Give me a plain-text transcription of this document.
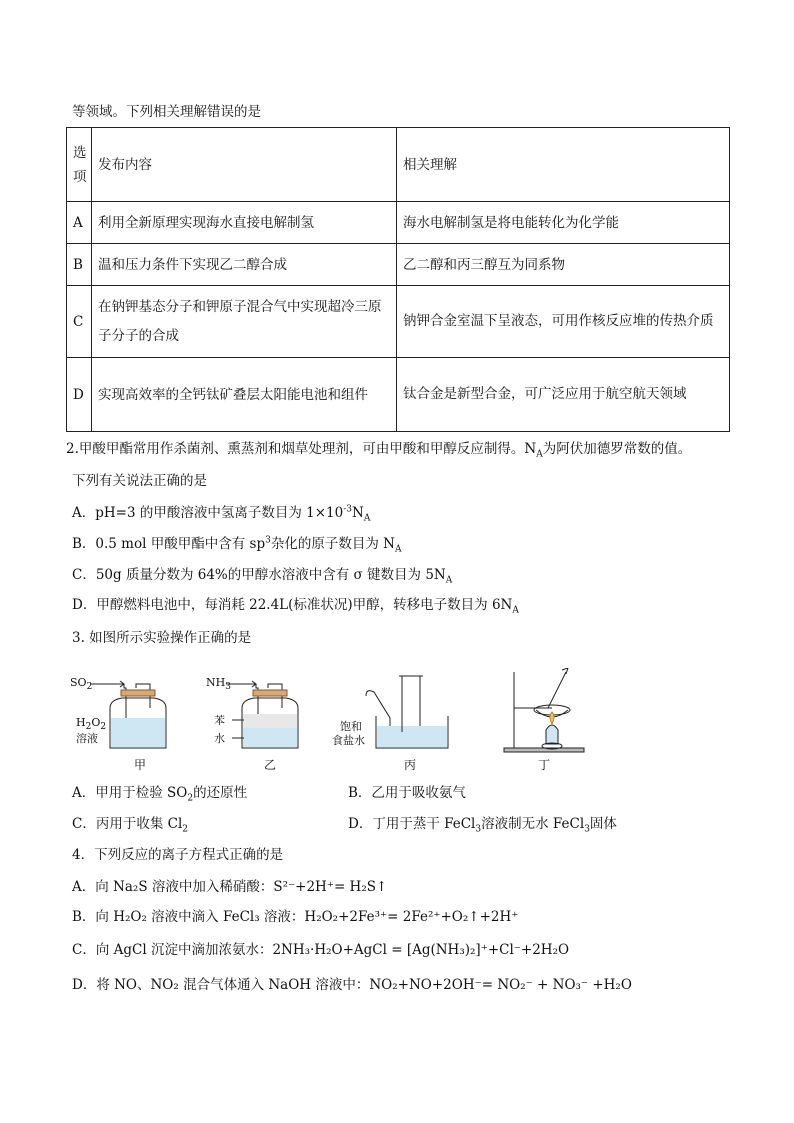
等领域。下列相关理解错误的是
选项	发布内容	相关理解
A	利用全新原理实现海水直接电解制氢	海水电解制氢是将电能转化为化学能
B	温和压力条件下实现乙二醇合成	乙二醇和丙三醇互为同系物
C	在钠钾基态分子和钾原子混合气中实现超冷三原子分子的合成	钠钾合金室温下呈液态，可用作核反应堆的传热介质
D	实现高效率的全钙钛矿叠层太阳能电池和组件	钛合金是新型合金，可广泛应用于航空航天领域
2.甲酸甲酯常用作杀菌剂、熏蒸剂和烟草处理剂，可由甲酸和甲醇反应制得。$N_A$为阿伏加德罗常数的值。
下列有关说法正确的是
A．pH=3 的甲酸溶液中氢离子数目为 $1\times 10^{-3}N_A$
B．0.5 mol 甲酸甲酯中含有 $sp^3$杂化的原子数目为 $N_A$
C．50g 质量分数为 64%的甲醇水溶液中含有 σ 键数目为 $5N_A$
D．甲醇燃料电池中，每消耗 22.4L(标准状况)甲醇，转移电子数目为 $6N_A$
3. 如图所示实验操作正确的是
$SO_2$
$H_2O_2$
溶液
$NH_3$
苯
水
饱和
食盐水
甲	乙	丙	丁
A．甲用于检验 $SO_2$的还原性	B．乙用于吸收氨气
C．丙用于收集 $Cl_2$	D．丁用于蒸干 FeCl$_3$溶液制无水 FeCl$_3$固体
4．下列反应的离子方程式正确的是
A．向 Na₂S 溶液中加入稀硝酸：S²⁻+2H⁺= H₂S↑
B．向 H₂O₂ 溶液中滴入 FeCl₃ 溶液：H₂O₂+2Fe³⁺= 2Fe²⁺+O₂↑+2H⁺
C．向 AgCl 沉淀中滴加浓氨水：2NH₃·H₂O+AgCl = [Ag(NH₃)₂]⁺+Cl⁻+2H₂O
D．将 NO、NO₂ 混合气体通入 NaOH 溶液中：NO₂+NO+2OH⁻= NO₂⁻ + NO₃⁻ +H₂O
